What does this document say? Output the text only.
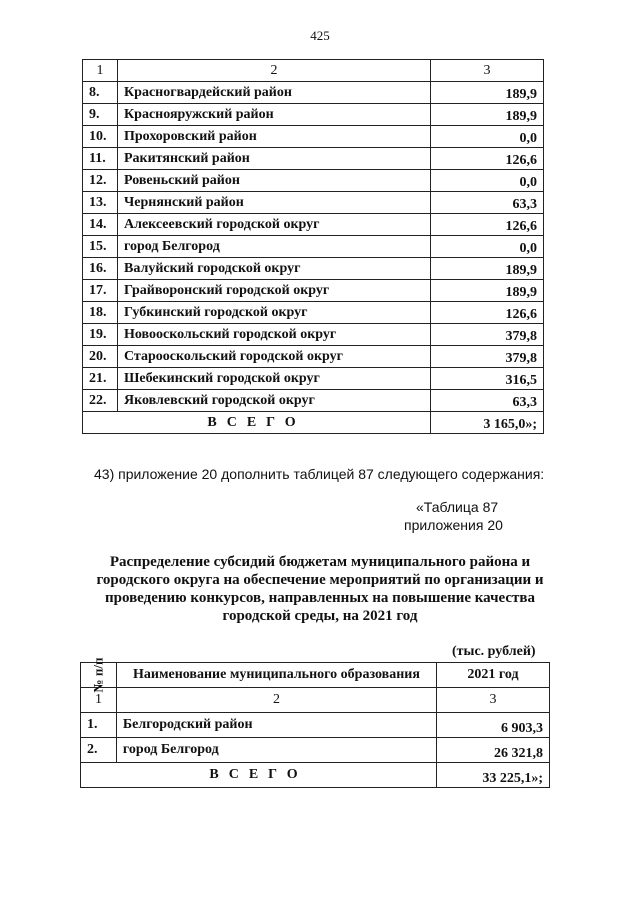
425
1	2	3
8.	Красногвардейский район	189,9
9.	Краснояружский район	189,9
10.	Прохоровский район	0,0
11.	Ракитянский район	126,6
12.	Ровеньский район	0,0
13.	Чернянский район	63,3
14.	Алексеевский городской округ	126,6
15.	город Белгород	0,0
16.	Валуйский городской округ	189,9
17.	Грайворонский городской округ	189,9
18.	Губкинский городской округ	126,6
19.	Новооскольский городской округ	379,8
20.	Старооскольский городской округ	379,8
21.	Шебекинский городской округ	316,5
22.	Яковлевский городской округ	63,3
ВСЕГО		3 165,0»;
43) приложение 20 дополнить таблицей 87 следующего содержания:
«Таблица 87
приложения 20
Распределение субсидий бюджетам муниципального района и городского округа на обеспечение мероприятий по организации и проведению конкурсов, направленных на повышение качества городской среды, на 2021 год
(тыс. рублей)
№ п/п	Наименование муниципального образования	2021 год
1	2	3
1.	Белгородский район	6 903,3
2.	город Белгород	26 321,8
ВСЕГО		33 225,1»;
